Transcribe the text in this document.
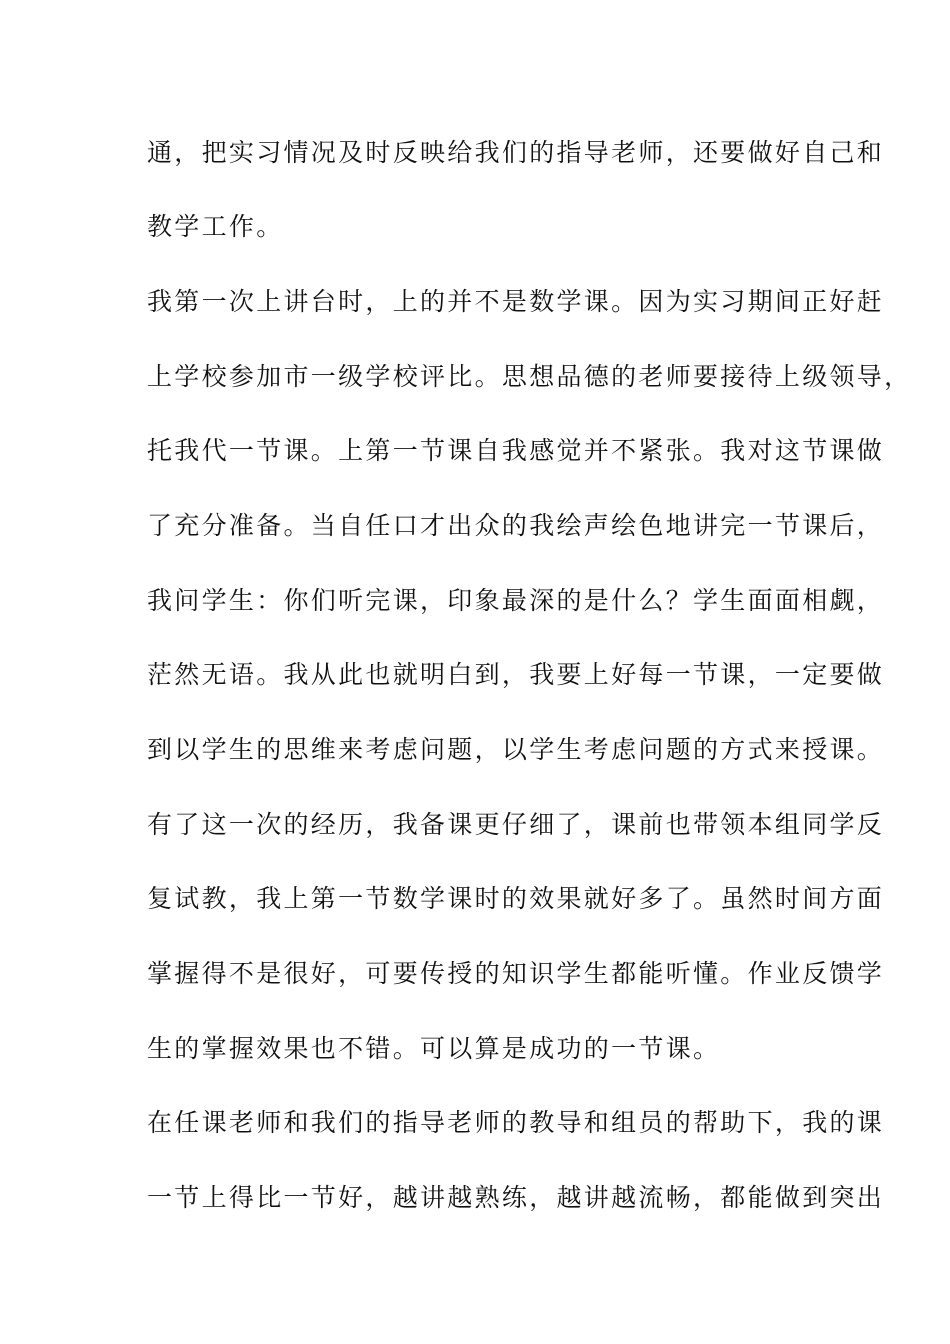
通，把实习情况及时反映给我们的指导老师，还要做好自己和
教学工作。
我第一次上讲台时，上的并不是数学课。因为实习期间正好赶
上学校参加市一级学校评比。思想品德的老师要接待上级领导，
托我代一节课。上第一节课自我感觉并不紧张。我对这节课做
了充分准备。当自任口才出众的我绘声绘色地讲完一节课后，
我问学生：你们听完课，印象最深的是什么？学生面面相觑，
茫然无语。我从此也就明白到，我要上好每一节课，一定要做
到以学生的思维来考虑问题，以学生考虑问题的方式来授课。
有了这一次的经历，我备课更仔细了，课前也带领本组同学反
复试教，我上第一节数学课时的效果就好多了。虽然时间方面
掌握得不是很好，可要传授的知识学生都能听懂。作业反馈学
生的掌握效果也不错。可以算是成功的一节课。
在任课老师和我们的指导老师的教导和组员的帮助下，我的课
一节上得比一节好，越讲越熟练，越讲越流畅，都能做到突出
